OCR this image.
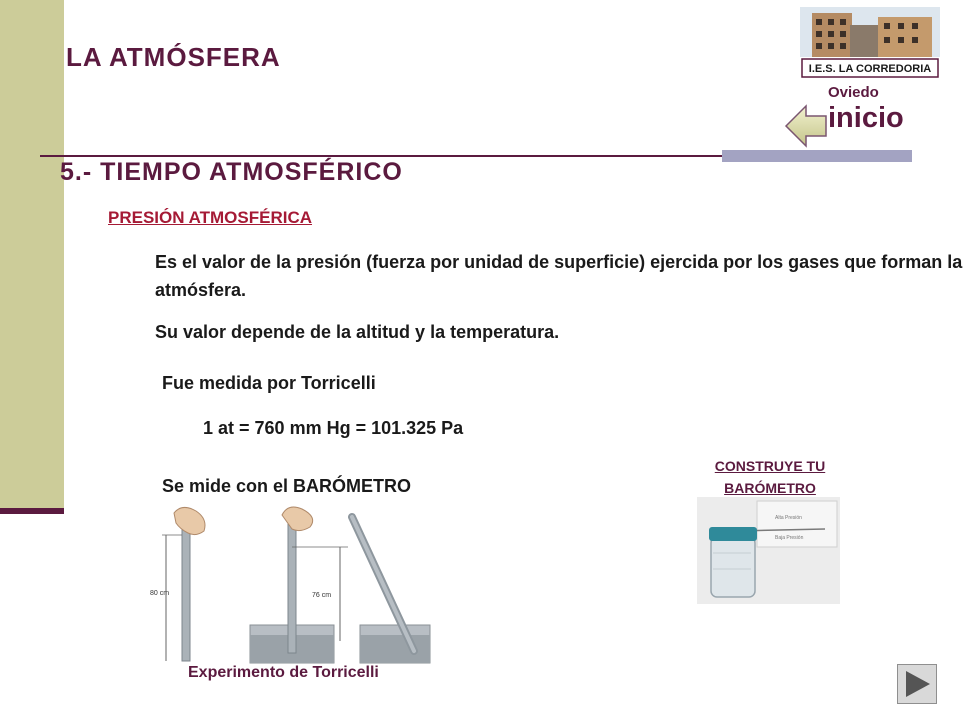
LA ATMÓSFERA	I.E.S. LA CORREDORIA
Oviedo
inicio
5.- TIEMPO ATMOSFÉRICO
PRESIÓN ATMOSFÉRICA
Es el valor de la presión (fuerza por unidad de superficie) ejercida por los gases que forman la atmósfera.
Su valor depende de la altitud y la temperatura.
Fue medida por Torricelli
1 at = 760 mm Hg = 101.325 Pa
Se mide con el BARÓMETRO
80 cm	76 cm
Experimento de Torricelli
CONSTRUYE TU
BARÓMETRO
Alta Presión
Baja Presión
